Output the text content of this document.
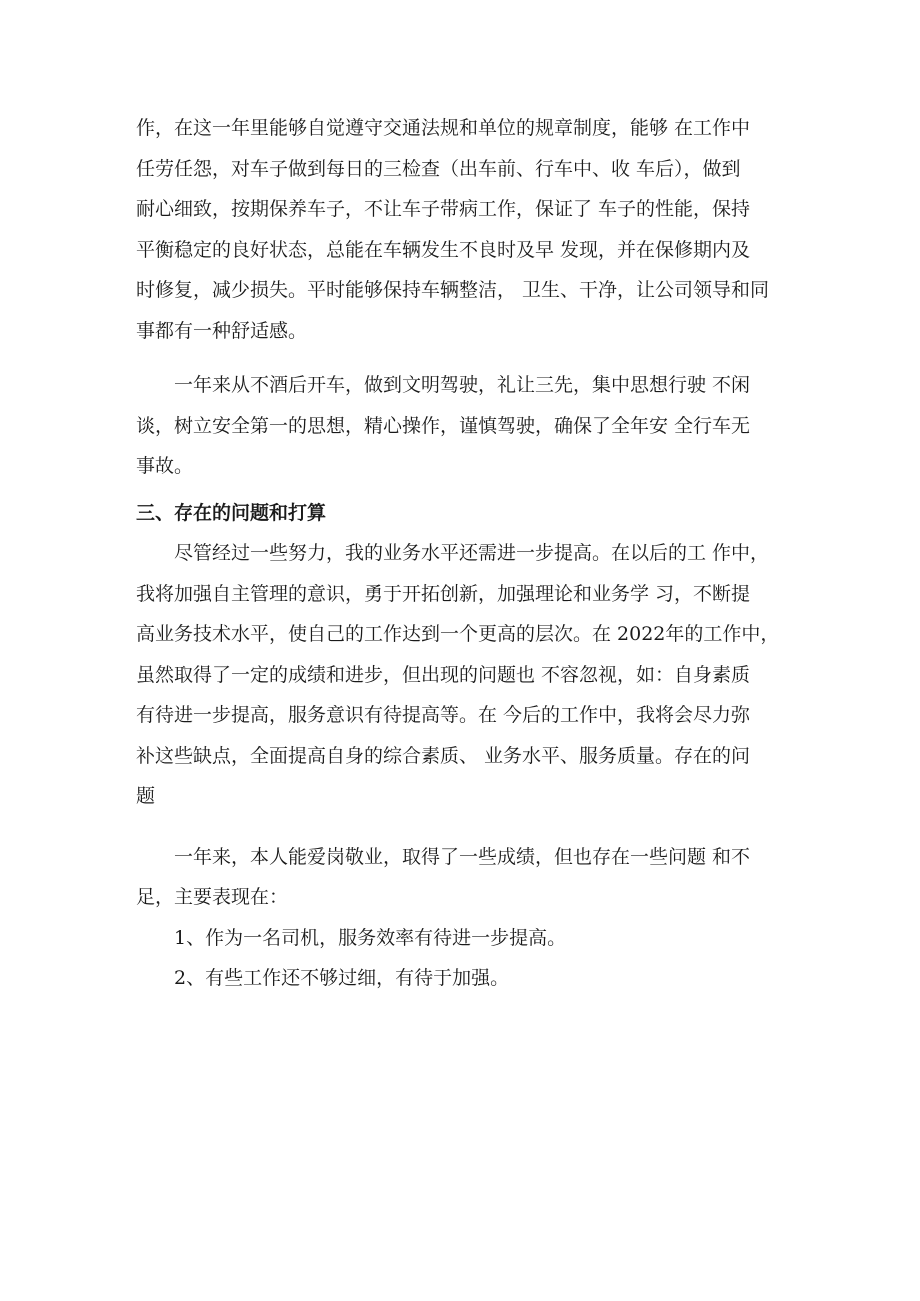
作，在这一年里能够自觉遵守交通法规和单位的规章制度，能够 在工作中
任劳任怨，对车子做到每日的三检查（出车前、行车中、收 车后），做到
耐心细致，按期保养车子，不让车子带病工作，保证了 车子的性能，保持
平衡稳定的良好状态，总能在车辆发生不良时及早 发现，并在保修期内及
时修复，减少损失。平时能够保持车辆整洁， 卫生、干净，让公司领导和同
事都有一种舒适感。

一年来从不酒后开车，做到文明驾驶，礼让三先，集中思想行驶 不闲
谈，树立安全第一的思想，精心操作，谨慎驾驶，确保了全年安 全行车无
事故。

三、存在的问题和打算

尽管经过一些努力，我的业务水平还需进一步提高。在以后的工 作中，
我将加强自主管理的意识，勇于开拓创新，加强理论和业务学 习，不断提
高业务技术水平，使自己的工作达到一个更高的层次。在 2022年的工作中，
虽然取得了一定的成绩和进步，但出现的问题也 不容忽视，如：自身素质
有待进一步提高，服务意识有待提高等。在 今后的工作中，我将会尽力弥
补这些缺点，全面提高自身的综合素质、 业务水平、服务质量。存在的问
题

一年来，本人能爱岗敬业，取得了一些成绩，但也存在一些问题 和不
足，主要表现在：

1、作为一名司机，服务效率有待进一步提高。

2、有些工作还不够过细，有待于加强。
